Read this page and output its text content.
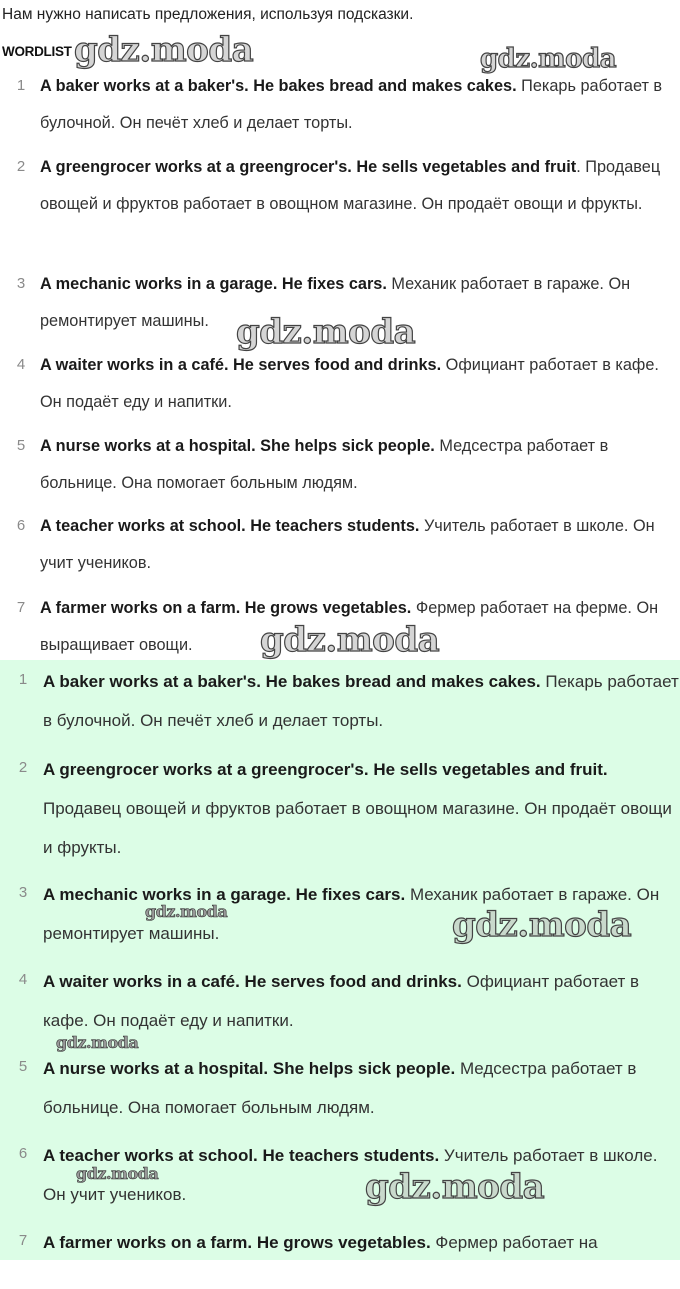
Нам нужно написать предложения, используя подсказки.
WORDLIST
1 A baker works at a baker's. He bakes bread and makes cakes. Пекарь работает в булочной. Он печёт хлеб и делает торты.
2 A greengrocer works at a greengrocer's. He sells vegetables and fruit. Продавец овощей и фруктов работает в овощном магазине. Он продаёт овощи и фрукты.
3 A mechanic works in a garage. He fixes cars. Механик работает в гараже. Он ремонтирует машины.
4 A waiter works in a café. He serves food and drinks. Официант работает в кафе. Он подаёт еду и напитки.
5 A nurse works at a hospital. She helps sick people. Медсестра работает в больнице. Она помогает больным людям.
6 A teacher works at school. He teachers students. Учитель работает в школе. Он учит учеников.
7 A farmer works on a farm. He grows vegetables. Фермер работает на ферме. Он выращивает овощи.
1 A baker works at a baker's. He bakes bread and makes cakes. Пекарь работает в булочной. Он печёт хлеб и делает торты.
2 A greengrocer works at a greengrocer's. He sells vegetables and fruit. Продавец овощей и фруктов работает в овощном магазине. Он продаёт овощи и фрукты.
3 A mechanic works in a garage. He fixes cars. Механик работает в гараже. Он ремонтирует машины.
4 A waiter works in a café. He serves food and drinks. Официант работает в кафе. Он подаёт еду и напитки.
5 A nurse works at a hospital. She helps sick people. Медсестра работает в больнице. Она помогает больным людям.
6 A teacher works at school. He teachers students. Учитель работает в школе. Он учит учеников.
7 A farmer works on a farm. He grows vegetables. Фермер работает на
gdz.moda	gdz.moda
gdz.moda
gdz.moda
gdz.moda	gdz.moda
gdz.moda
gdz.moda	gdz.moda
